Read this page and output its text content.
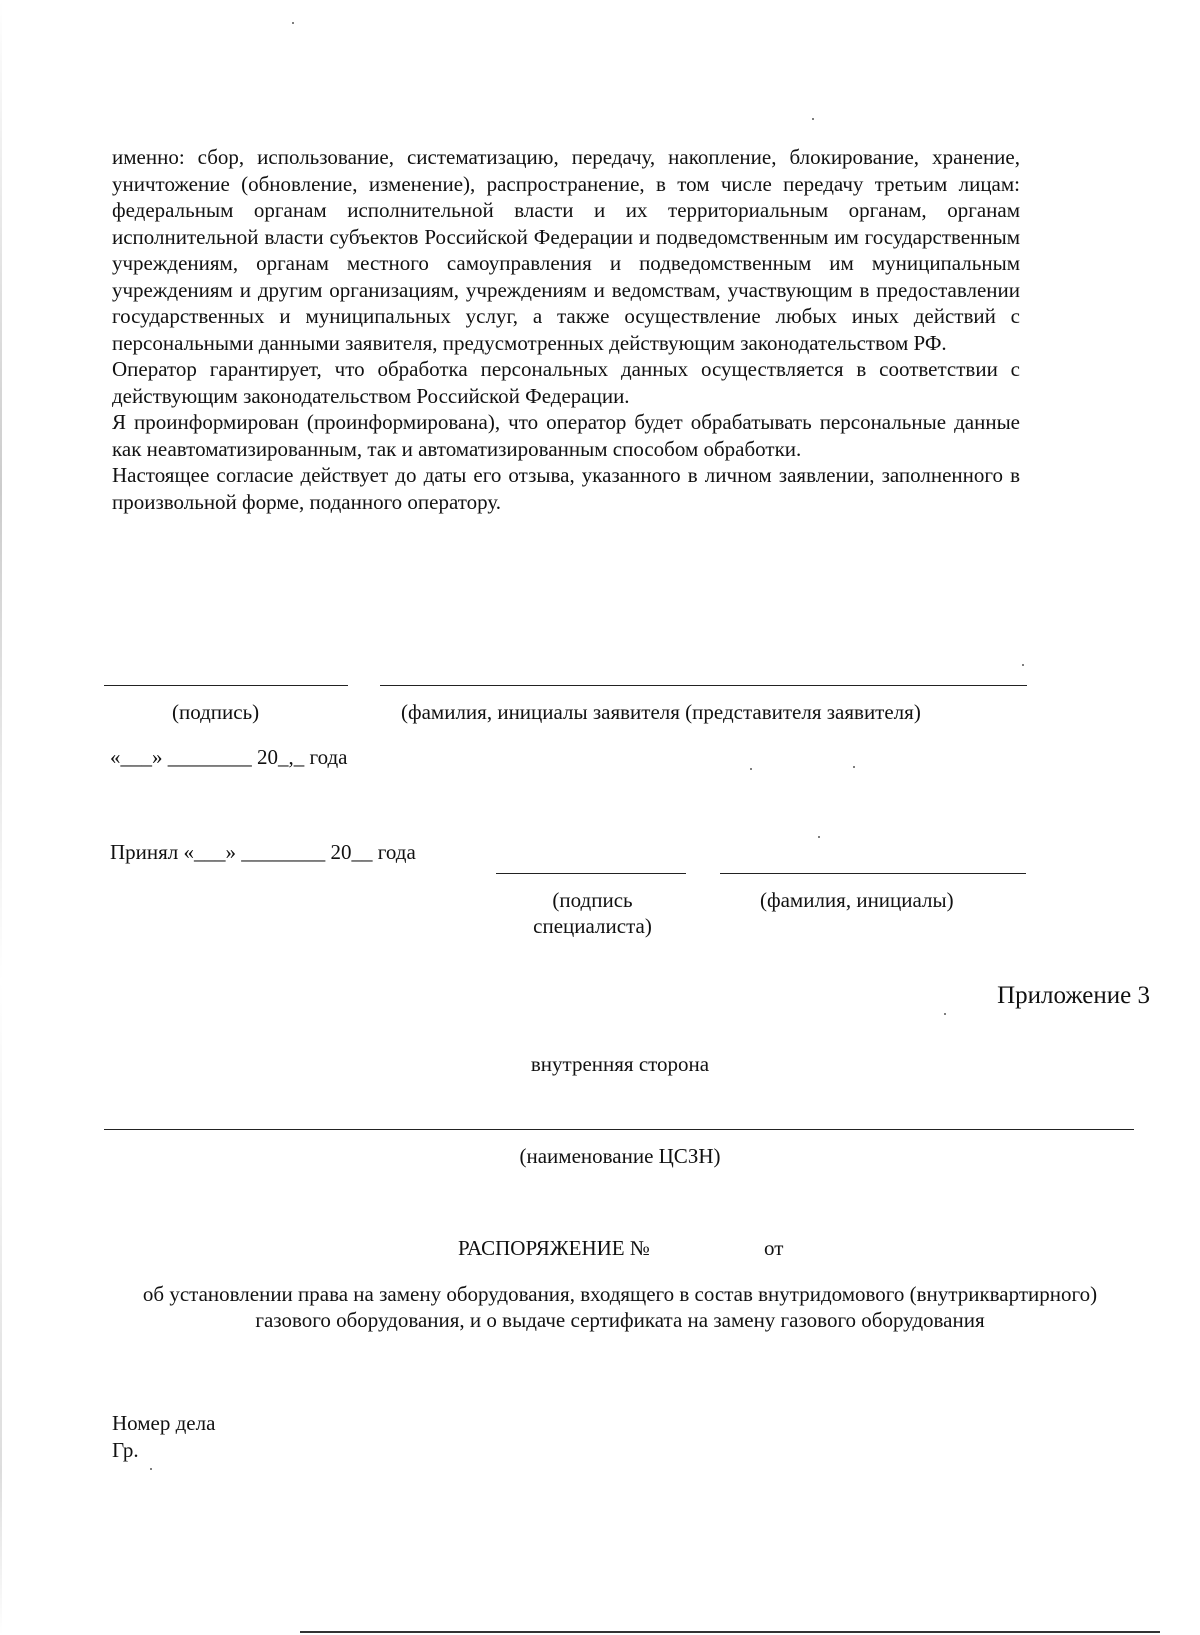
именно: сбор, использование, систематизацию, передачу, накопление, блокирование, хранение, уничтожение (обновление, изменение), распространение, в том числе передачу третьим лицам: федеральным органам исполнительной власти и их территориальным органам, органам исполнительной власти субъектов Российской Федерации и подведомственным им государственным учреждениям, органам местного самоуправления и подведомственным им муниципальным учреждениям и другим организациям, учреждениям и ведомствам, участвующим в предоставлении государственных и муниципальных услуг, а также осуществление любых иных действий с персональными данными заявителя, предусмотренных действующим законодательством РФ.

Оператор гарантирует, что обработка персональных данных осуществляется в соответствии с действующим законодательством Российской Федерации.

Я проинформирован (проинформирована), что оператор будет обрабатывать персональные данные как неавтоматизированным, так и автоматизированным способом обработки.

Настоящее согласие действует до даты его отзыва, указанного в личном заявлении, заполненного в произвольной форме, поданного оператору.

(подпись)	(фамилия, инициалы заявителя (представителя заявителя)
«___» ________ 20_,_ года
Принял «___» ________ 20__ года
(подпись
специалиста)
(фамилия, инициалы)
Приложение 3
внутренняя сторона
(наименование ЦСЗН)
РАСПОРЯЖЕНИЕ №	от
об установлении права на замену оборудования, входящего в состав внутридомового (внутриквартирного) газового оборудования, и о выдаче сертификата на замену газового оборудования
Номер дела
Гр.
